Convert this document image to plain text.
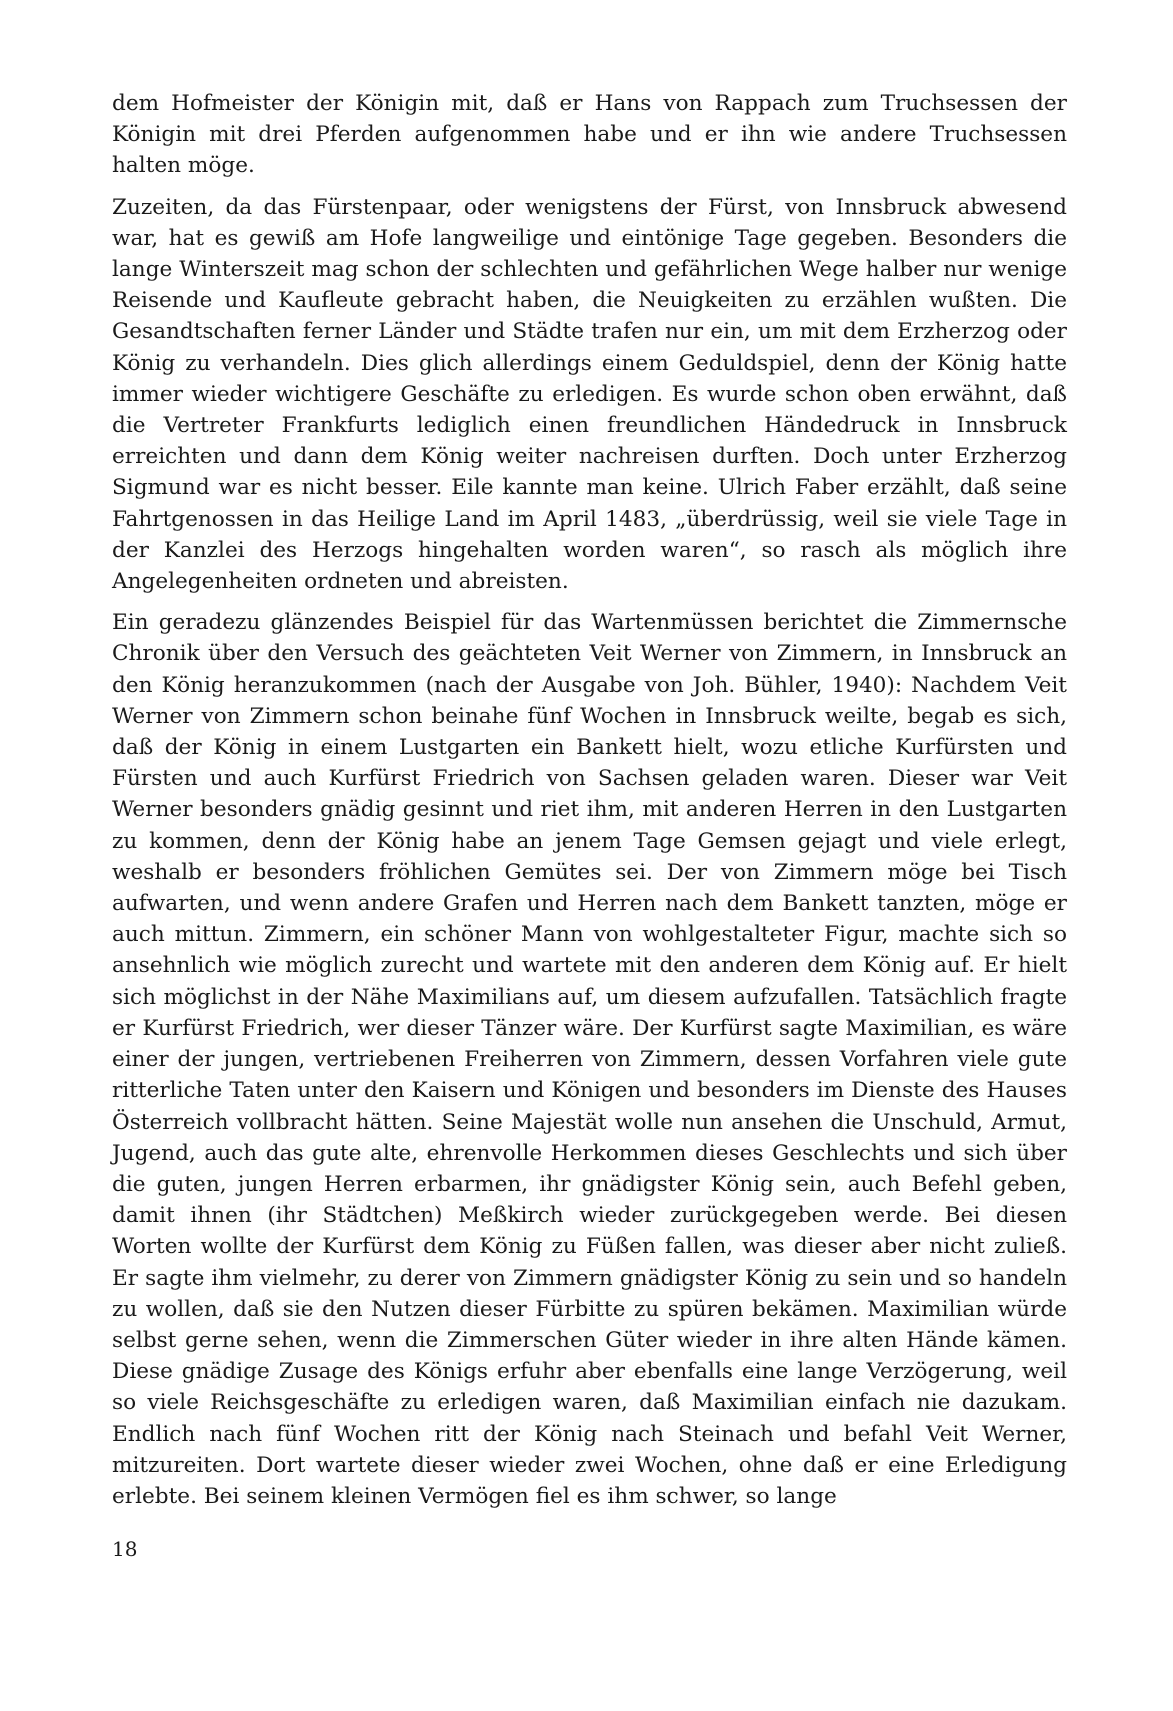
dem Hofmeister der Königin mit, daß er Hans von Rappach zum Truchsessen der Königin mit drei Pferden aufgenommen habe und er ihn wie andere Truchsessen halten möge.

Zuzeiten, da das Fürstenpaar, oder wenigstens der Fürst, von Innsbruck abwesend war, hat es gewiß am Hofe langweilige und eintönige Tage gegeben. Besonders die lange Winterszeit mag schon der schlechten und gefährlichen Wege halber nur wenige Reisende und Kaufleute gebracht haben, die Neuigkeiten zu erzählen wußten. Die Gesandtschaften ferner Länder und Städte trafen nur ein, um mit dem Erzherzog oder König zu verhandeln. Dies glich allerdings einem Geduldspiel, denn der König hatte immer wieder wichtigere Geschäfte zu erledigen. Es wurde schon oben erwähnt, daß die Vertreter Frankfurts lediglich einen freundlichen Händedruck in Innsbruck erreichten und dann dem König weiter nachreisen durften. Doch unter Erzherzog Sigmund war es nicht besser. Eile kannte man keine. Ulrich Faber erzählt, daß seine Fahrtgenossen in das Heilige Land im April 1483, „überdrüssig, weil sie viele Tage in der Kanzlei des Herzogs hingehalten worden waren“, so rasch als möglich ihre Angelegenheiten ordneten und abreisten.

Ein geradezu glänzendes Beispiel für das Wartenmüssen berichtet die Zimmernsche Chronik über den Versuch des geächteten Veit Werner von Zimmern, in Innsbruck an den König heranzukommen (nach der Ausgabe von Joh. Bühler, 1940): Nachdem Veit Werner von Zimmern schon beinahe fünf Wochen in Innsbruck weilte, begab es sich, daß der König in einem Lustgarten ein Bankett hielt, wozu etliche Kurfürsten und Fürsten und auch Kurfürst Friedrich von Sachsen geladen waren. Dieser war Veit Werner besonders gnädig gesinnt und riet ihm, mit anderen Herren in den Lustgarten zu kommen, denn der König habe an jenem Tage Gemsen gejagt und viele erlegt, weshalb er besonders fröhlichen Gemütes sei. Der von Zimmern möge bei Tisch aufwarten, und wenn andere Grafen und Herren nach dem Bankett tanzten, möge er auch mittun. Zimmern, ein schöner Mann von wohlgestalteter Figur, machte sich so ansehnlich wie möglich zurecht und wartete mit den anderen dem König auf. Er hielt sich möglichst in der Nähe Maximilians auf, um diesem aufzufallen. Tatsächlich fragte er Kurfürst Friedrich, wer dieser Tänzer wäre. Der Kurfürst sagte Maximilian, es wäre einer der jungen, vertriebenen Freiherren von Zimmern, dessen Vorfahren viele gute ritterliche Taten unter den Kaisern und Königen und besonders im Dienste des Hauses Österreich vollbracht hätten. Seine Majestät wolle nun ansehen die Unschuld, Armut, Jugend, auch das gute alte, ehrenvolle Herkommen dieses Geschlechts und sich über die guten, jungen Herren erbarmen, ihr gnädigster König sein, auch Befehl geben, damit ihnen (ihr Städtchen) Meßkirch wieder zurückgegeben werde. Bei diesen Worten wollte der Kurfürst dem König zu Füßen fallen, was dieser aber nicht zuließ. Er sagte ihm vielmehr, zu derer von Zimmern gnädigster König zu sein und so handeln zu wollen, daß sie den Nutzen dieser Fürbitte zu spüren bekämen. Maximilian würde selbst gerne sehen, wenn die Zimmerschen Güter wieder in ihre alten Hände kämen. Diese gnädige Zusage des Königs erfuhr aber ebenfalls eine lange Verzögerung, weil so viele Reichsgeschäfte zu erledigen waren, daß Maximilian einfach nie dazukam. Endlich nach fünf Wochen ritt der König nach Steinach und befahl Veit Werner, mitzureiten. Dort wartete dieser wieder zwei Wochen, ohne daß er eine Erledigung erlebte. Bei seinem kleinen Vermögen fiel es ihm schwer, so lange

18
